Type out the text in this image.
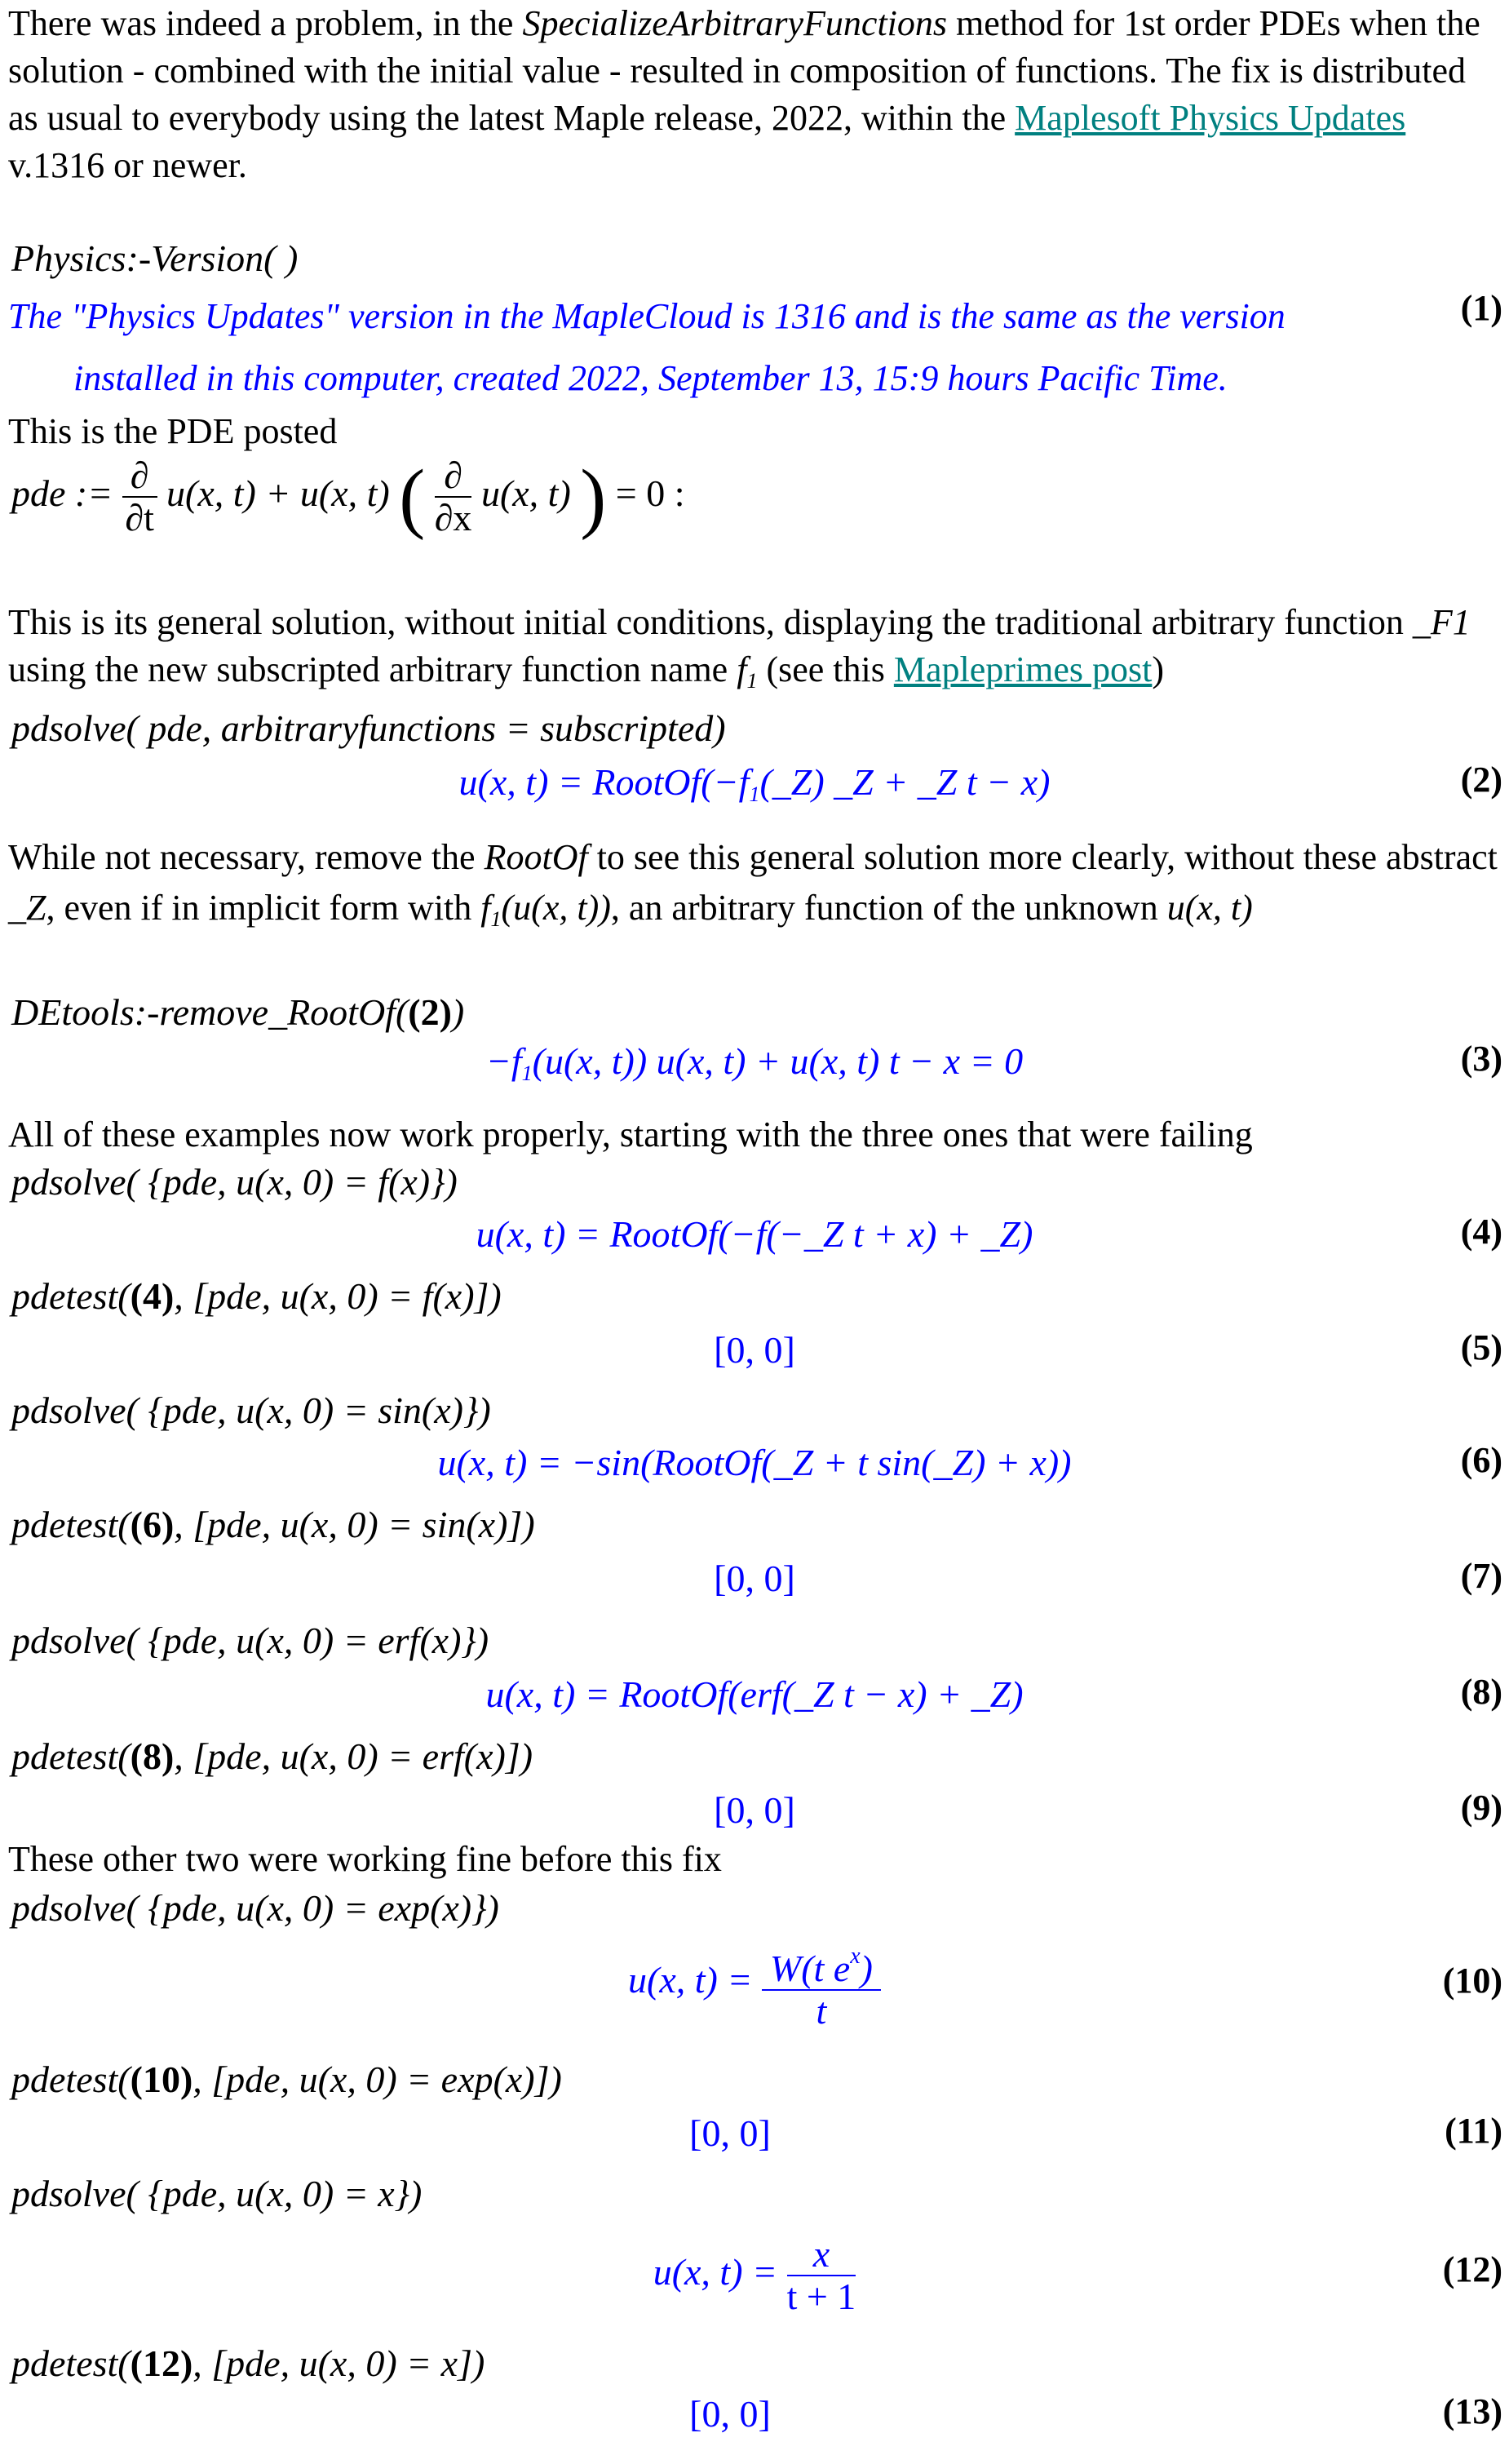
There was indeed a problem, in the SpecializeArbitraryFunctions method for 1st order PDEs when the solution - combined with the initial value - resulted in composition of functions. The fix is distributed as usual to everybody using the latest Maple release, 2022, within the Maplesoft Physics Updates v.1316 or newer.
Physics:-Version( )
The "Physics Updates" version in the MapleCloud is 1316 and is the same as the version
installed in this computer, created 2022, September 13, 15:9 hours Pacific Time.
(1)
This is the PDE posted
pde := $\frac{\partial}{\partial t} u(x$, t) + u(x, t) ( $\frac{\partial}{\partial x} u(x$, t) ) = 0 :
This is its general solution, without initial conditions, displaying the traditional arbitrary function _F1 using the new subscripted arbitrary function name $f_1$ (see this Mapleprimes post)
pdsolve( pde, arbitraryfunctions = subscripted)
u(x, $t) = RootOf(-f_1(\_Z)$ _Z + _Z t − x)	(2)
While not necessary, remove the RootOf to see this general solution more clearly, without these abstract _Z, even if in implicit form with $f_1(u(x$, t)), an arbitrary function of the unknown u(x, t)
DEtools:-remove_RootOf((2))
$-f_1(u(x$, t)) u(x, t) + u(x, t) t − x = 0	(3)
All of these examples now work properly, starting with the three ones that were failing
pdsolve( {pde, u(x, 0) = f(x)})
u(x, t) = RootOf(−f(−_Z t + x) + _Z)	(4)
pdetest((4), [pde, u(x, 0) = f(x)])
[0, 0]	(5)
pdsolve( {pde, u(x, 0) = sin(x)})
u(x, t) = −sin(RootOf(_Z + t sin(_Z) + x))	(6)
pdetest((6), [pde, u(x, 0) = sin(x)])
[0, 0]	(7)
pdsolve( {pde, u(x, 0) = erf(x)})
u(x, t) = RootOf(erf(_Z t − x) + _Z)	(8)
pdetest((8), [pde, u(x, 0) = erf(x)])
[0, 0]	(9)
These other two were working fine before this fix
pdsolve( {pde, u(x, 0) = exp(x)})
u(x, $t) = \frac{W(t e^x)}{t}$	(10)
pdetest((10), [pde, u(x, 0) = exp(x)])
[0, 0]	(11)
pdsolve( {pde, u(x, 0) = x})
u(x, $t) = \frac{x}{t + 1}$	(12)
pdetest((12), [pde, u(x, 0) = x])
[0, 0]	(13)
